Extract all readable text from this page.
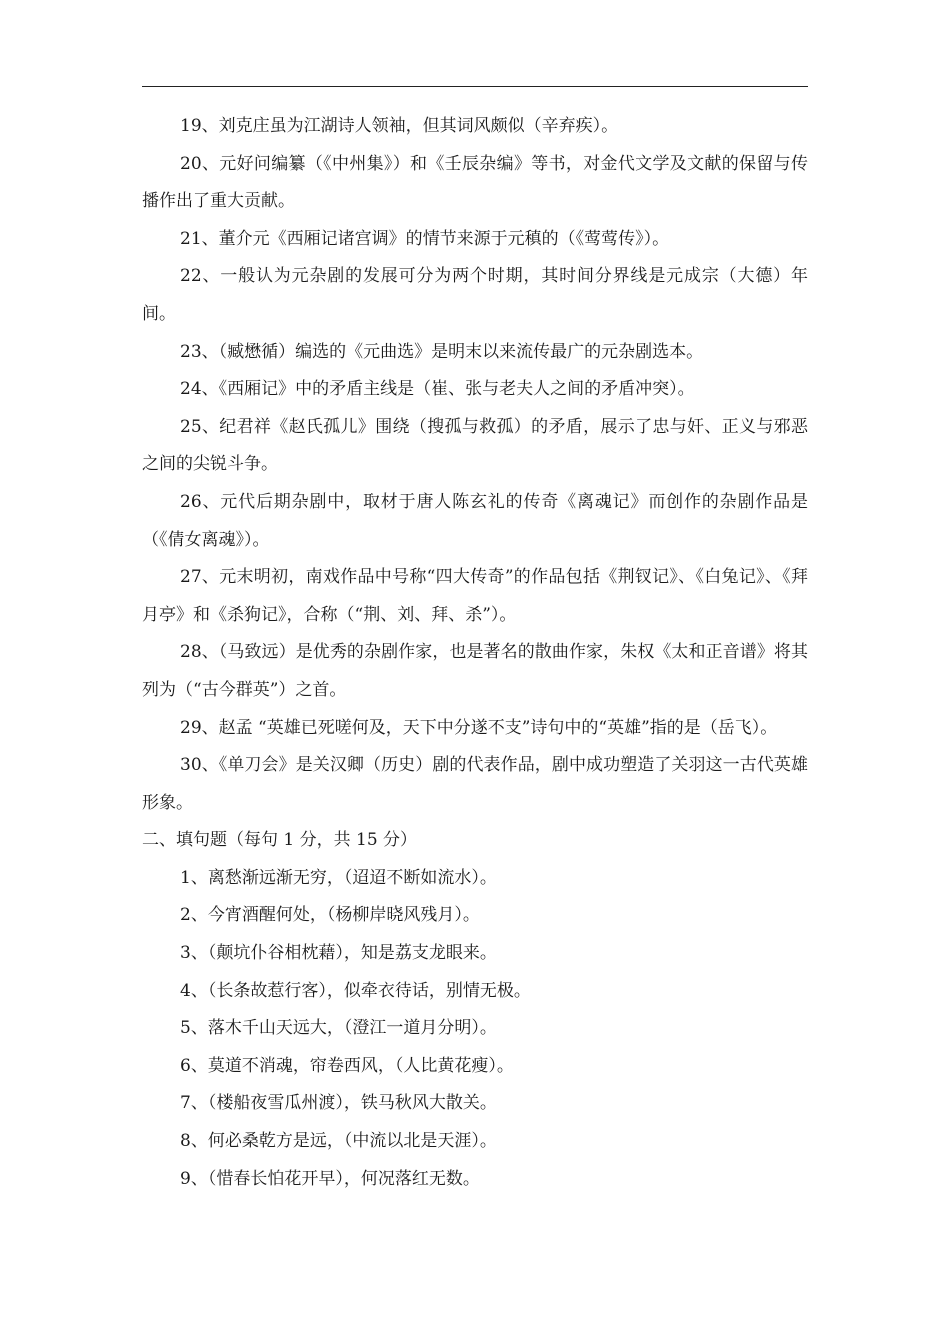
19、刘克庄虽为江湖诗人领袖，但其词风颇似（辛弃疾）。

20、元好问编纂（《中州集》）和《壬辰杂编》等书，对金代文学及文献的保留与传播作出了重大贡献。

21、董介元《西厢记诸宫调》的情节来源于元稹的（《莺莺传》）。

22、一般认为元杂剧的发展可分为两个时期，其时间分界线是元成宗（大德）年间。

23、（臧懋循）编选的《元曲选》是明末以来流传最广的元杂剧选本。

24、《西厢记》中的矛盾主线是（崔、张与老夫人之间的矛盾冲突）。

25、纪君祥《赵氏孤儿》围绕（搜孤与救孤）的矛盾，展示了忠与奸、正义与邪恶之间的尖锐斗争。

26、元代后期杂剧中，取材于唐人陈玄礼的传奇《离魂记》而创作的杂剧作品是（《倩女离魂》）。

27、元末明初，南戏作品中号称“四大传奇”的作品包括《荆钗记》、《白兔记》、《拜月亭》和《杀狗记》，合称（“荆、刘、拜、杀”）。

28、（马致远）是优秀的杂剧作家，也是著名的散曲作家，朱权《太和正音谱》将其列为（“古今群英”）之首。

29、赵孟 “英雄已死嗟何及，天下中分遂不支”诗句中的“英雄”指的是（岳飞）。

30、《单刀会》是关汉卿（历史）剧的代表作品，剧中成功塑造了关羽这一古代英雄形象。

二、填句题（每句 1 分，共 15 分）

1、离愁渐远渐无穷，（迢迢不断如流水）。

2、今宵酒醒何处，（杨柳岸晓风残月）。

3、（颠坑仆谷相枕藉），知是荔支龙眼来。

4、（长条故惹行客），似牵衣待话，别情无极。

5、落木千山天远大，（澄江一道月分明）。

6、莫道不消魂，帘卷西风，（人比黄花瘦）。

7、（楼船夜雪瓜州渡），铁马秋风大散关。

8、何必桑乾方是远，（中流以北是天涯）。

9、（惜春长怕花开早），何况落红无数。
